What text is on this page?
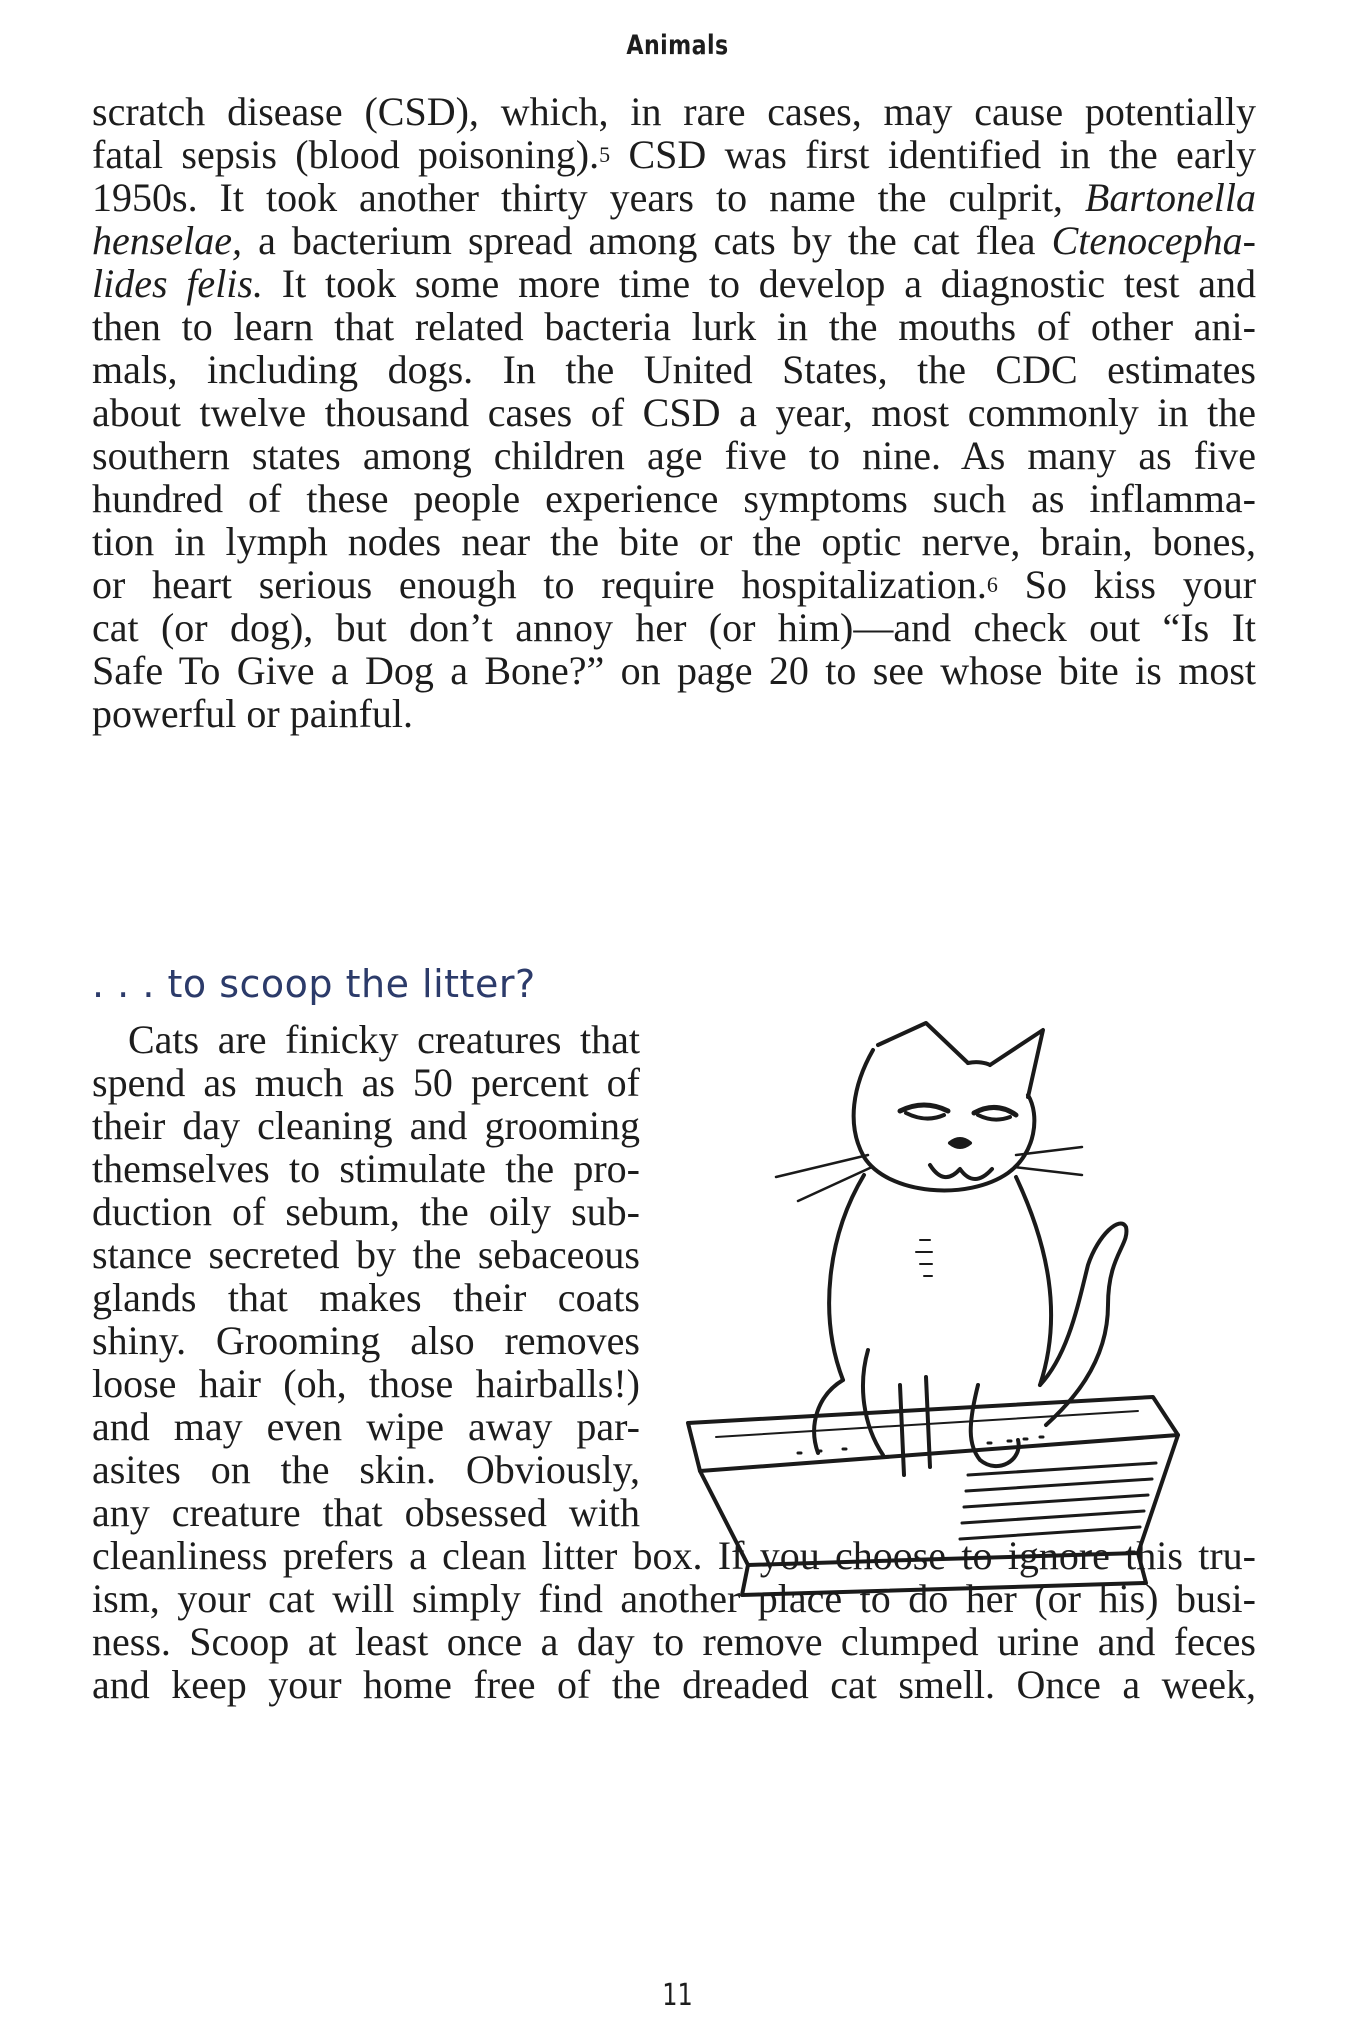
Animals
scratch disease (CSD), which, in rare cases, may cause potentially
fatal sepsis (blood poisoning).$^5$ CSD was first identified in the early
1950s. It took another thirty years to name the culprit, Bartonella
henselae, a bacterium spread among cats by the cat flea Ctenocepha-
lides felis. It took some more time to develop a diagnostic test and
then to learn that related bacteria lurk in the mouths of other ani-
mals, including dogs. In the United States, the CDC estimates
about twelve thousand cases of CSD a year, most commonly in the
southern states among children age five to nine. As many as five
hundred of these people experience symptoms such as inflamma-
tion in lymph nodes near the bite or the optic nerve, brain, bones,
or heart serious enough to require hospitalization.$^6$ So kiss your
cat (or dog), but don’t annoy her (or him)—and check out “Is It
Safe To Give a Dog a Bone?” on page 20 to see whose bite is most
powerful or painful.
Cats are finicky creatures that
spend as much as 50 percent of
their day cleaning and grooming
themselves to stimulate the pro-
duction of sebum, the oily sub-
stance secreted by the sebaceous
glands that makes their coats
shiny. Grooming also removes
loose hair (oh, those hairballs!)
and may even wipe away par-
asites on the skin. Obviously,
any creature that obsessed with
cleanliness prefers a clean litter box. If you choose to ignore this tru-
ism, your cat will simply find another place to do her (or his) busi-
ness. Scoop at least once a day to remove clumped urine and feces
and keep your home free of the dreaded cat smell. Once a week,
. . . to scoop the litter?
11
